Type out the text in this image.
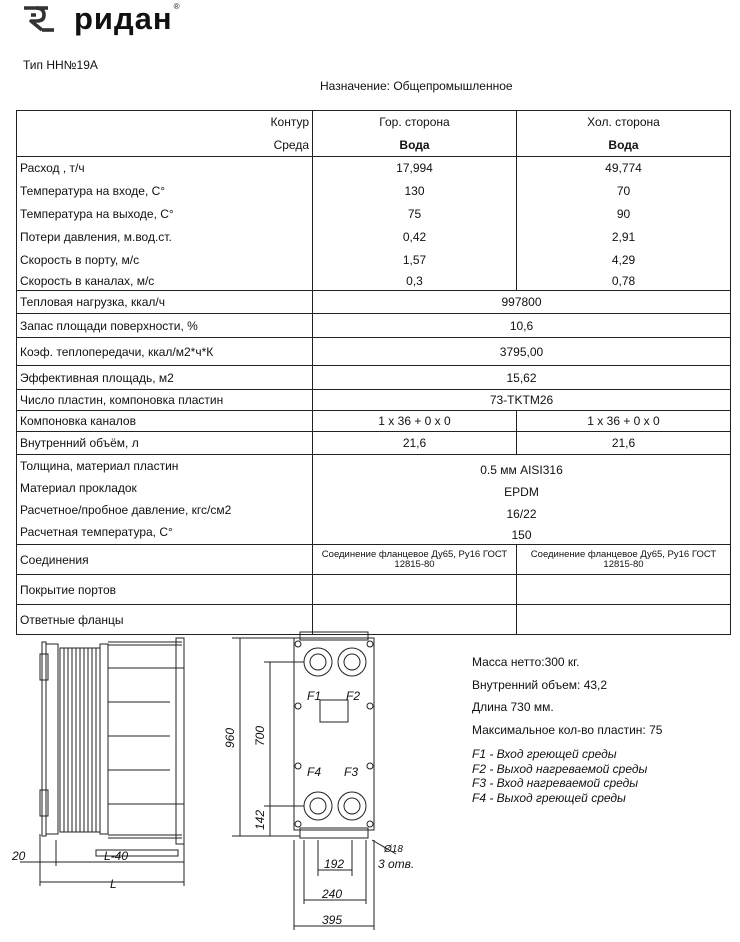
ридан ®
Тип НН№19А
Назначение: Общепромышленное
Контур	Гор. сторона	Хол. сторона
Среда	Вода	Вода
Расход , т/ч	17,994	49,774
Температура на входе, С°	130	70
Температура на выходе, С°	75	90
Потери давления, м.вод.ст.	0,42	2,91
Скорость в порту, м/с	1,57	4,29
Скорость в каналах, м/с	0,3	0,78
Тепловая нагрузка, ккал/ч	997800	
Запас площади поверхности, %	10,6	
Коэф. теплопередачи, ккал/м2*ч*К	3795,00	
Эффективная площадь, м2	15,62	
Число пластин, компоновка пластин	73-TKTM26	
Компоновка каналов	1 x 36 + 0 x 0	1 x 36 + 0 x 0
Внутренний объём, л	21,6	21,6
Толщина, материал пластин	0.5 мм AISI316	
Материал прокладок	EPDM	
Расчетное/пробное давление, кгс/см2	16/22	
Расчетная температура, С°	150	
Соединения	Соединение фланцевое Ду65, Ру16 ГОСТ 12815-80	Соединение фланцевое Ду65, Ру16 ГОСТ 12815-80
Покрытие портов		
Ответные фланцы		
20	L-40
L
F1 F2
F4 F3
960 700
142
192
240
395
Ø18
3 отв.
Масса нетто:300 кг.
Внутренний объем: 43,2
Длина 730 мм.
Максимальное кол-во пластин: 75
F1 - Вход греющей среды
F2 - Выход нагреваемой среды
F3 - Вход нагреваемой среды
F4 - Выход греющей среды
